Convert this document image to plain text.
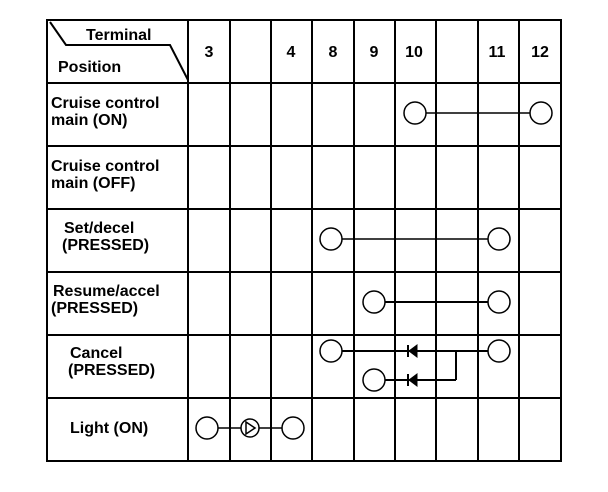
Terminal
Position
3	4 8 9 10	11 12
Cruise control
main (ON)
Cruise control
main (OFF)
Set/decel
(PRESSED)
Resume/accel
(PRESSED)
Cancel
(PRESSED)
Light (ON)
